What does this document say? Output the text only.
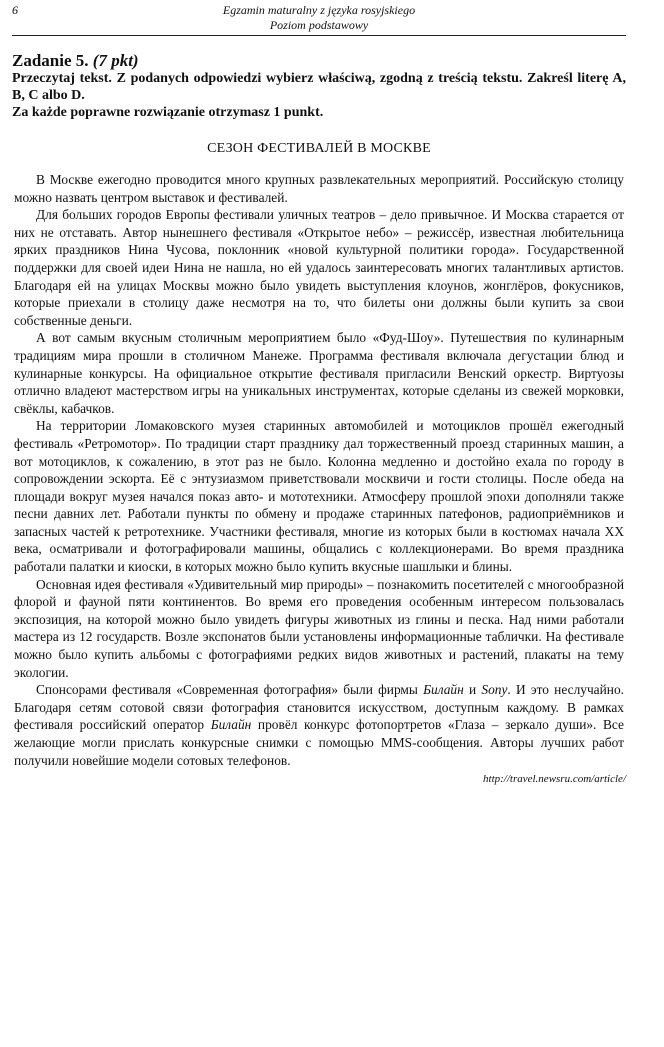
6	Egzamin maturalny z języka rosyjskiego
Poziom podstawowy
Zadanie 5. (7 pkt)
Przeczytaj tekst. Z podanych odpowiedzi wybierz właściwą, zgodną z treścią tekstu. Zakreśl literę A, B, C albo D.
Za każde poprawne rozwiązanie otrzymasz 1 punkt.
СЕЗОН ФЕСТИВАЛЕЙ В МОСКВЕ

В Москве ежегодно проводится много крупных развлекательных мероприятий. Российскую столицу можно назвать центром выставок и фестивалей.

Для больших городов Европы фестивали уличных театров – дело привычное. И Москва старается от них не отставать. Автор нынешнего фестиваля «Открытое небо» – режиссёр, известная любительница ярких праздников Нина Чусова, поклонник «новой культурной политики города». Государственной поддержки для своей идеи Нина не нашла, но ей удалось заинтересовать многих талантливых артистов. Благодаря ей на улицах Москвы можно было увидеть выступления клоунов, жонглёров, фокусников, которые приехали в столицу даже несмотря на то, что билеты они должны были купить за свои собственные деньги.

А вот самым вкусным столичным мероприятием было «Фуд-Шоу». Путешествия по кулинарным традициям мира прошли в столичном Манеже. Программа фестиваля включала дегустации блюд и кулинарные конкурсы. На официальное открытие фестиваля пригласили Венский оркестр. Виртуозы отлично владеют мастерством игры на уникальных инструментах, которые сделаны из свежей морковки, свёклы, кабачков.

На территории Ломаковского музея старинных автомобилей и мотоциклов прошёл ежегодный фестиваль «Ретромотор». По традиции старт празднику дал торжественный проезд старинных машин, а вот мотоциклов, к сожалению, в этот раз не было. Колонна медленно и достойно ехала по городу в сопровождении эскорта. Её с энтузиазмом приветствовали москвичи и гости столицы. После обеда на площади вокруг музея начался показ авто- и мототехники. Атмосферу прошлой эпохи дополняли также песни давних лет. Работали пункты по обмену и продаже старинных патефонов, радиоприёмников и запасных частей к ретротехнике. Участники фестиваля, многие из которых были в костюмах начала XX века, осматривали и фотографировали машины, общались с коллекционерами. Во время праздника работали палатки и киоски, в которых можно было купить вкусные шашлыки и блины.

Основная идея фестиваля «Удивительный мир природы» – познакомить посетителей с многообразной флорой и фауной пяти континентов. Во время его проведения особенным интересом пользовалась экспозиция, на которой можно было увидеть фигуры животных из глины и песка. Над ними работали мастера из 12 государств. Возле экспонатов были установлены информационные таблички. На фестивале можно было купить альбомы с фотографиями редких видов животных и растений, плакаты на тему экологии.

Спонсорами фестиваля «Современная фотография» были фирмы Билайн и Sony. И это неслучайно. Благодаря сетям сотовой связи фотография становится искусством, доступным каждому. В рамках фестиваля российский оператор Билайн провёл конкурс фотопортретов «Глаза – зеркало души». Все желающие могли прислать конкурсные снимки с помощью MMS-сообщения. Авторы лучших работ получили новейшие модели сотовых телефонов.

http://travel.newsru.com/article/
